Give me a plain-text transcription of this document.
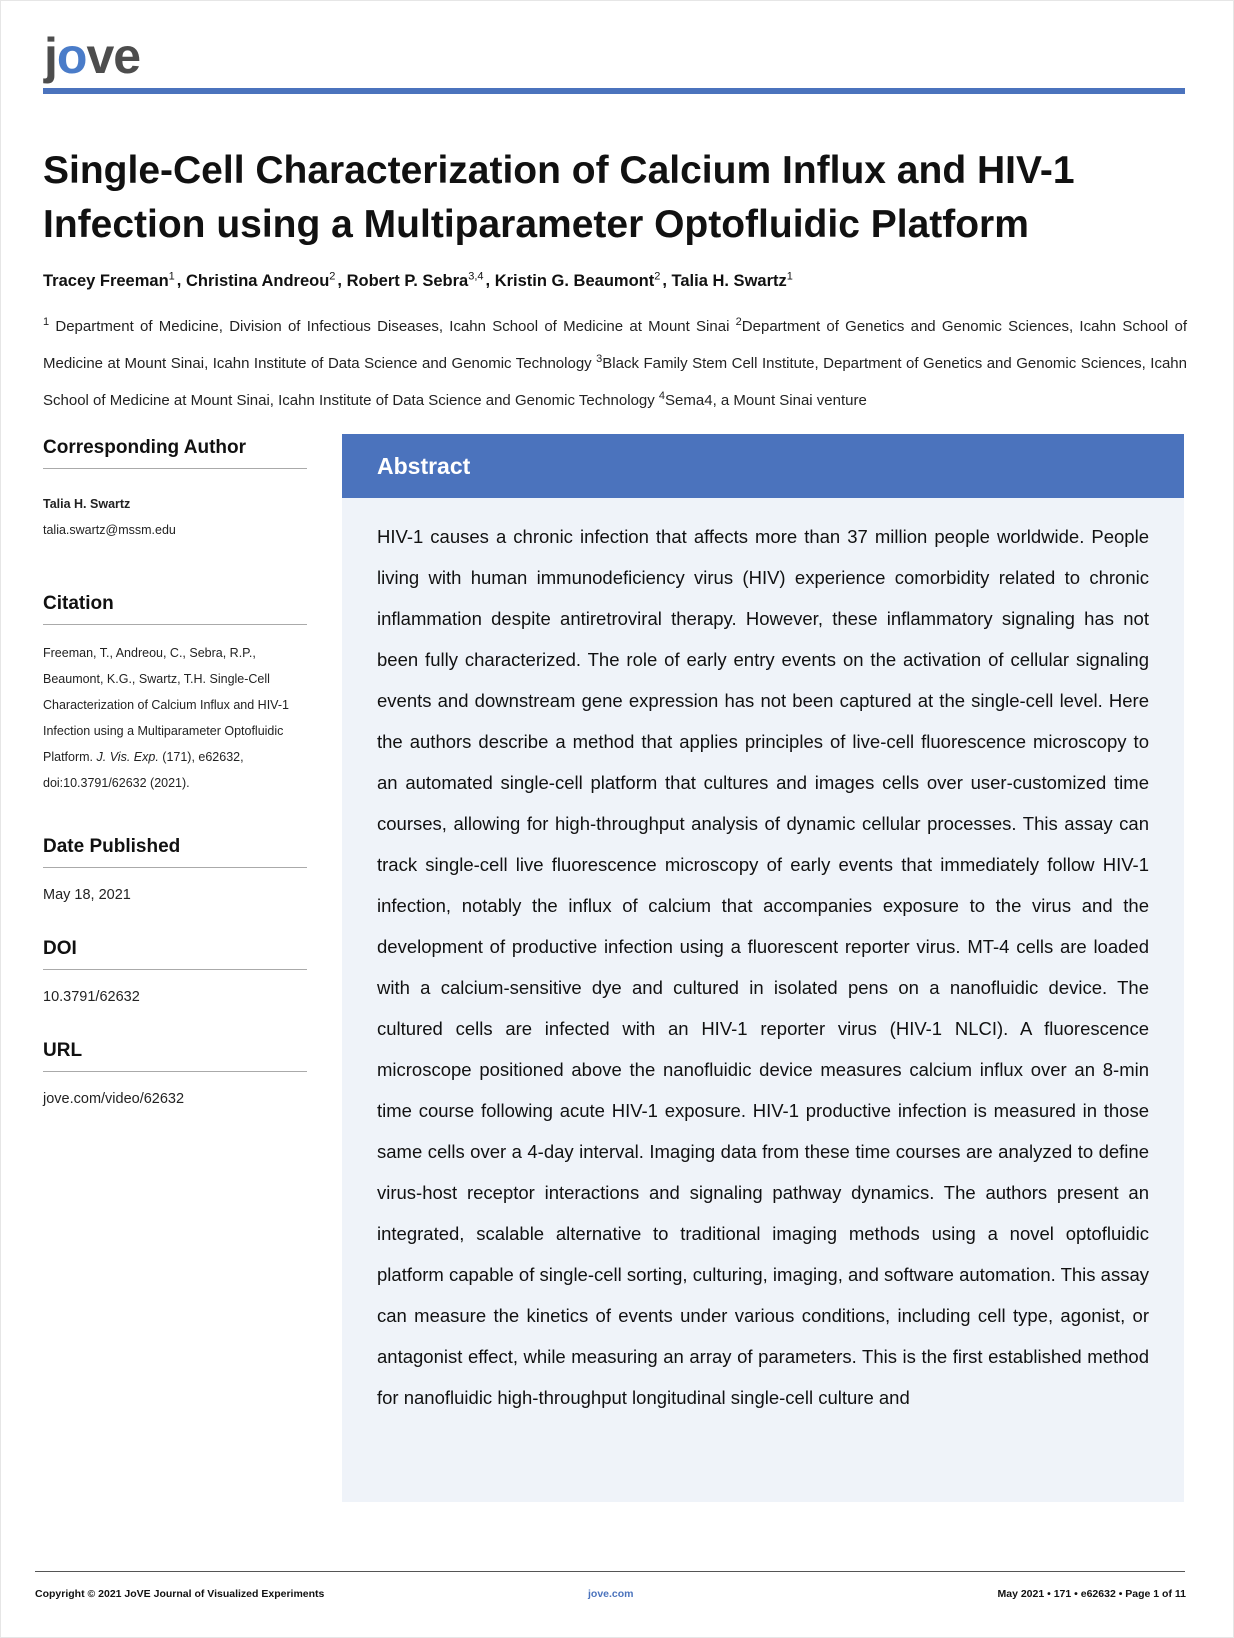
jove
Single-Cell Characterization of Calcium Influx and HIV-1 Infection using a Multiparameter Optofluidic Platform
Tracey Freeman$^1$ , Christina Andreou$^2$ , Robert P. Sebra$^{3,4}$ , Kristin G. Beaumont$^2$ , Talia H. Swartz$^1$
$^1$ Department of Medicine, Division of Infectious Diseases, Icahn School of Medicine at Mount Sinai $^2$Department of Genetics and Genomic Sciences, Icahn School of Medicine at Mount Sinai, Icahn Institute of Data Science and Genomic Technology $^3$Black Family Stem Cell Institute, Department of Genetics and Genomic Sciences, Icahn School of Medicine at Mount Sinai, Icahn Institute of Data Science and Genomic Technology $^4$Sema4, a Mount Sinai venture
Corresponding Author
Talia H. Swartz
talia.swartz@mssm.edu
Citation
Freeman, T., Andreou, C., Sebra, R.P., Beaumont, K.G., Swartz, T.H. Single-Cell Characterization of Calcium Influx and HIV-1 Infection using a Multiparameter Optofluidic Platform. J. Vis. Exp. (171), e62632, doi:10.3791/62632 (2021).
Date Published
May 18, 2021
DOI
10.3791/62632
URL
jove.com/video/62632
Abstract
HIV-1 causes a chronic infection that affects more than 37 million people worldwide. People living with human immunodeficiency virus (HIV) experience comorbidity related to chronic inflammation despite antiretroviral therapy. However, these inflammatory signaling has not been fully characterized. The role of early entry events on the activation of cellular signaling events and downstream gene expression has not been captured at the single-cell level. Here the authors describe a method that applies principles of live-cell fluorescence microscopy to an automated single-cell platform that cultures and images cells over user-customized time courses, allowing for high-throughput analysis of dynamic cellular processes. This assay can track single-cell live fluorescence microscopy of early events that immediately follow HIV-1 infection, notably the influx of calcium that accompanies exposure to the virus and the development of productive infection using a fluorescent reporter virus. MT-4 cells are loaded with a calcium-sensitive dye and cultured in isolated pens on a nanofluidic device. The cultured cells are infected with an HIV-1 reporter virus (HIV-1 NLCI). A fluorescence microscope positioned above the nanofluidic device measures calcium influx over an 8-min time course following acute HIV-1 exposure. HIV-1 productive infection is measured in those same cells over a 4-day interval. Imaging data from these time courses are analyzed to define virus-host receptor interactions and signaling pathway dynamics. The authors present an integrated, scalable alternative to traditional imaging methods using a novel optofluidic platform capable of single-cell sorting, culturing, imaging, and software automation. This assay can measure the kinetics of events under various conditions, including cell type, agonist, or antagonist effect, while measuring an array of parameters. This is the first established method for nanofluidic high-throughput longitudinal single-cell culture and
Copyright © 2021 JoVE Journal of Visualized Experiments	jove.com	May 2021 • 171 • e62632 • Page 1 of 11
